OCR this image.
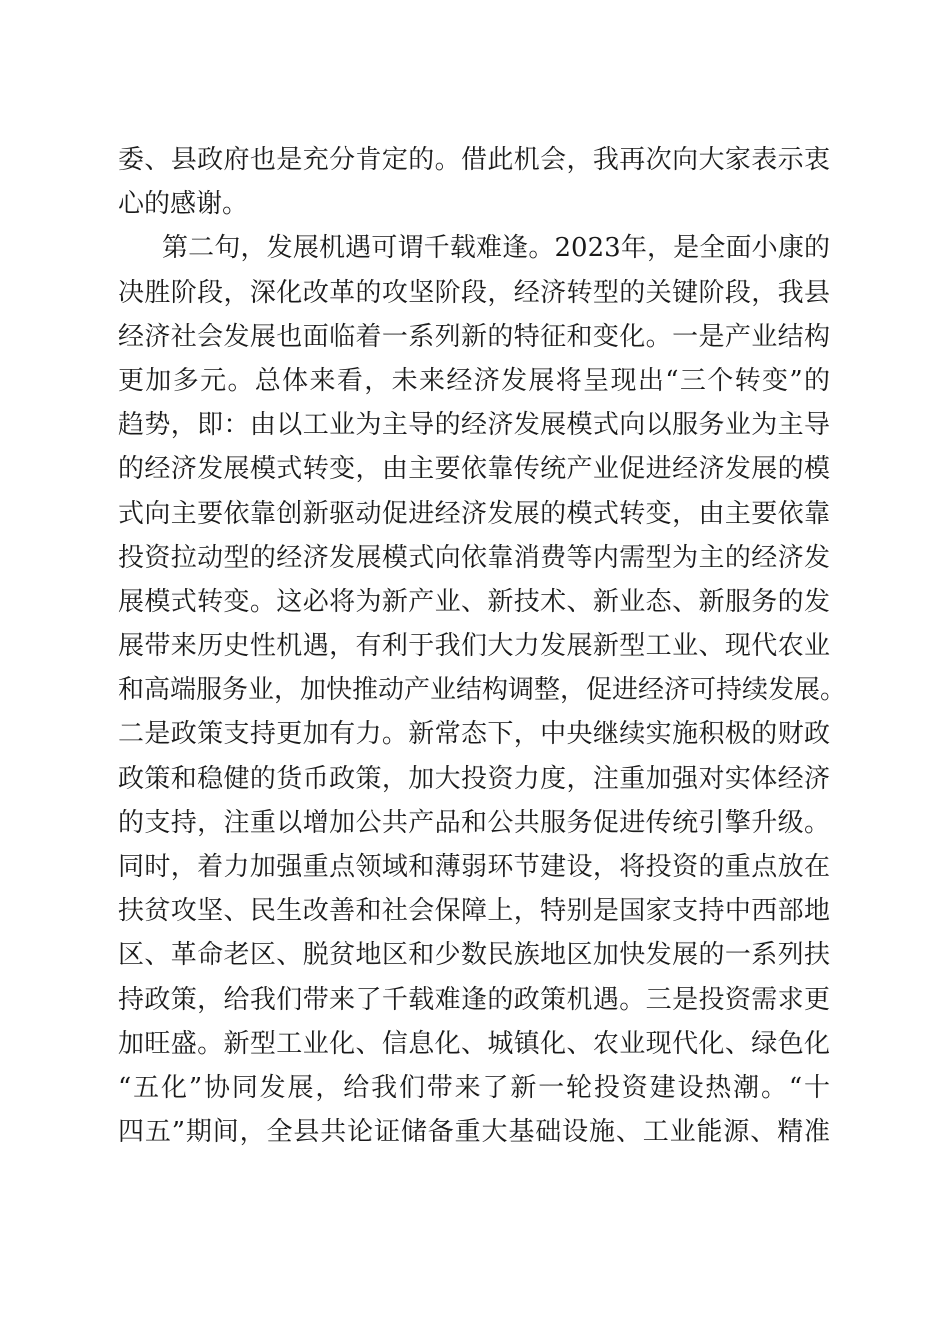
委、县政府也是充分肯定的。借此机会，我再次向大家表示衷
心的感谢。
第二句，发展机遇可谓千载难逢。2023年，是全面小康的
决胜阶段，深化改革的攻坚阶段，经济转型的关键阶段，我县
经济社会发展也面临着一系列新的特征和变化。一是产业结构
更加多元。总体来看，未来经济发展将呈现出“三个转变”的
趋势，即：由以工业为主导的经济发展模式向以服务业为主导
的经济发展模式转变，由主要依靠传统产业促进经济发展的模
式向主要依靠创新驱动促进经济发展的模式转变，由主要依靠
投资拉动型的经济发展模式向依靠消费等内需型为主的经济发
展模式转变。这必将为新产业、新技术、新业态、新服务的发
展带来历史性机遇，有利于我们大力发展新型工业、现代农业
和高端服务业，加快推动产业结构调整，促进经济可持续发展。
二是政策支持更加有力。新常态下，中央继续实施积极的财政
政策和稳健的货币政策，加大投资力度，注重加强对实体经济
的支持，注重以增加公共产品和公共服务促进传统引擎升级。
同时，着力加强重点领域和薄弱环节建设，将投资的重点放在
扶贫攻坚、民生改善和社会保障上，特别是国家支持中西部地
区、革命老区、脱贫地区和少数民族地区加快发展的一系列扶
持政策，给我们带来了千载难逢的政策机遇。三是投资需求更
加旺盛。新型工业化、信息化、城镇化、农业现代化、绿色化
“五化”协同发展，给我们带来了新一轮投资建设热潮。“十
四五”期间，全县共论证储备重大基础设施、工业能源、精准
